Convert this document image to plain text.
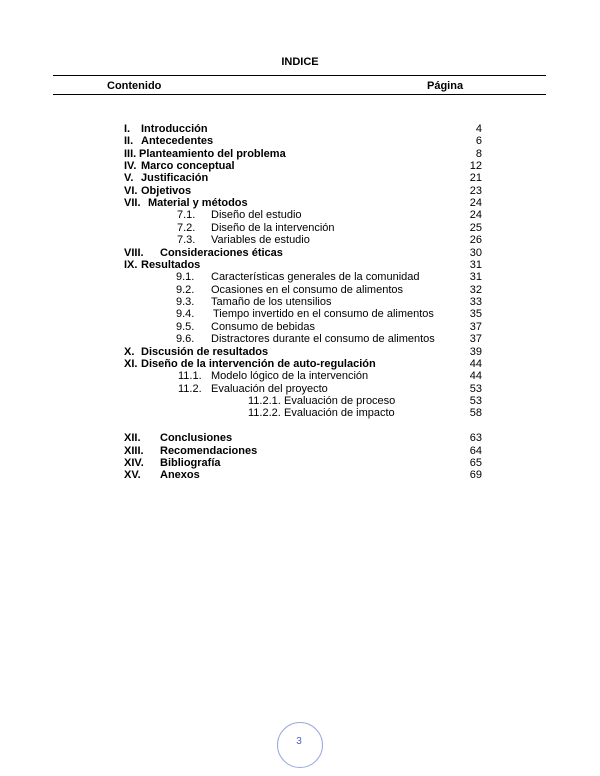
INDICE
Contenido	Página
I. Introducción	4
II. Antecedentes	6
III. Planteamiento del problema	8
IV. Marco conceptual	12
V. Justificación	21
VI. Objetivos	23
VII. Material y métodos	24
7.1. Diseño del estudio	24
7.2. Diseño de la intervención	25
7.3. Variables de estudio	26
VIII. Consideraciones éticas	30
IX. Resultados	31
9.1. Características generales de la comunidad	31
9.2. Ocasiones en el consumo de alimentos	32
9.3. Tamaño de los utensilios	33
9.4. Tiempo invertido en el consumo de alimentos	35
9.5. Consumo de bebidas	37
9.6. Distractores durante el consumo de alimentos	37
X. Discusión de resultados	39
XI. Diseño de la intervención de auto-regulación	44
11.1. Modelo lógico de la intervención	44
11.2. Evaluación del proyecto	53
11.2.1. Evaluación de proceso	53
11.2.2. Evaluación de impacto	58
XII. Conclusiones	63
XIII. Recomendaciones	64
XIV. Bibliografía	65
XV. Anexos	69
3
